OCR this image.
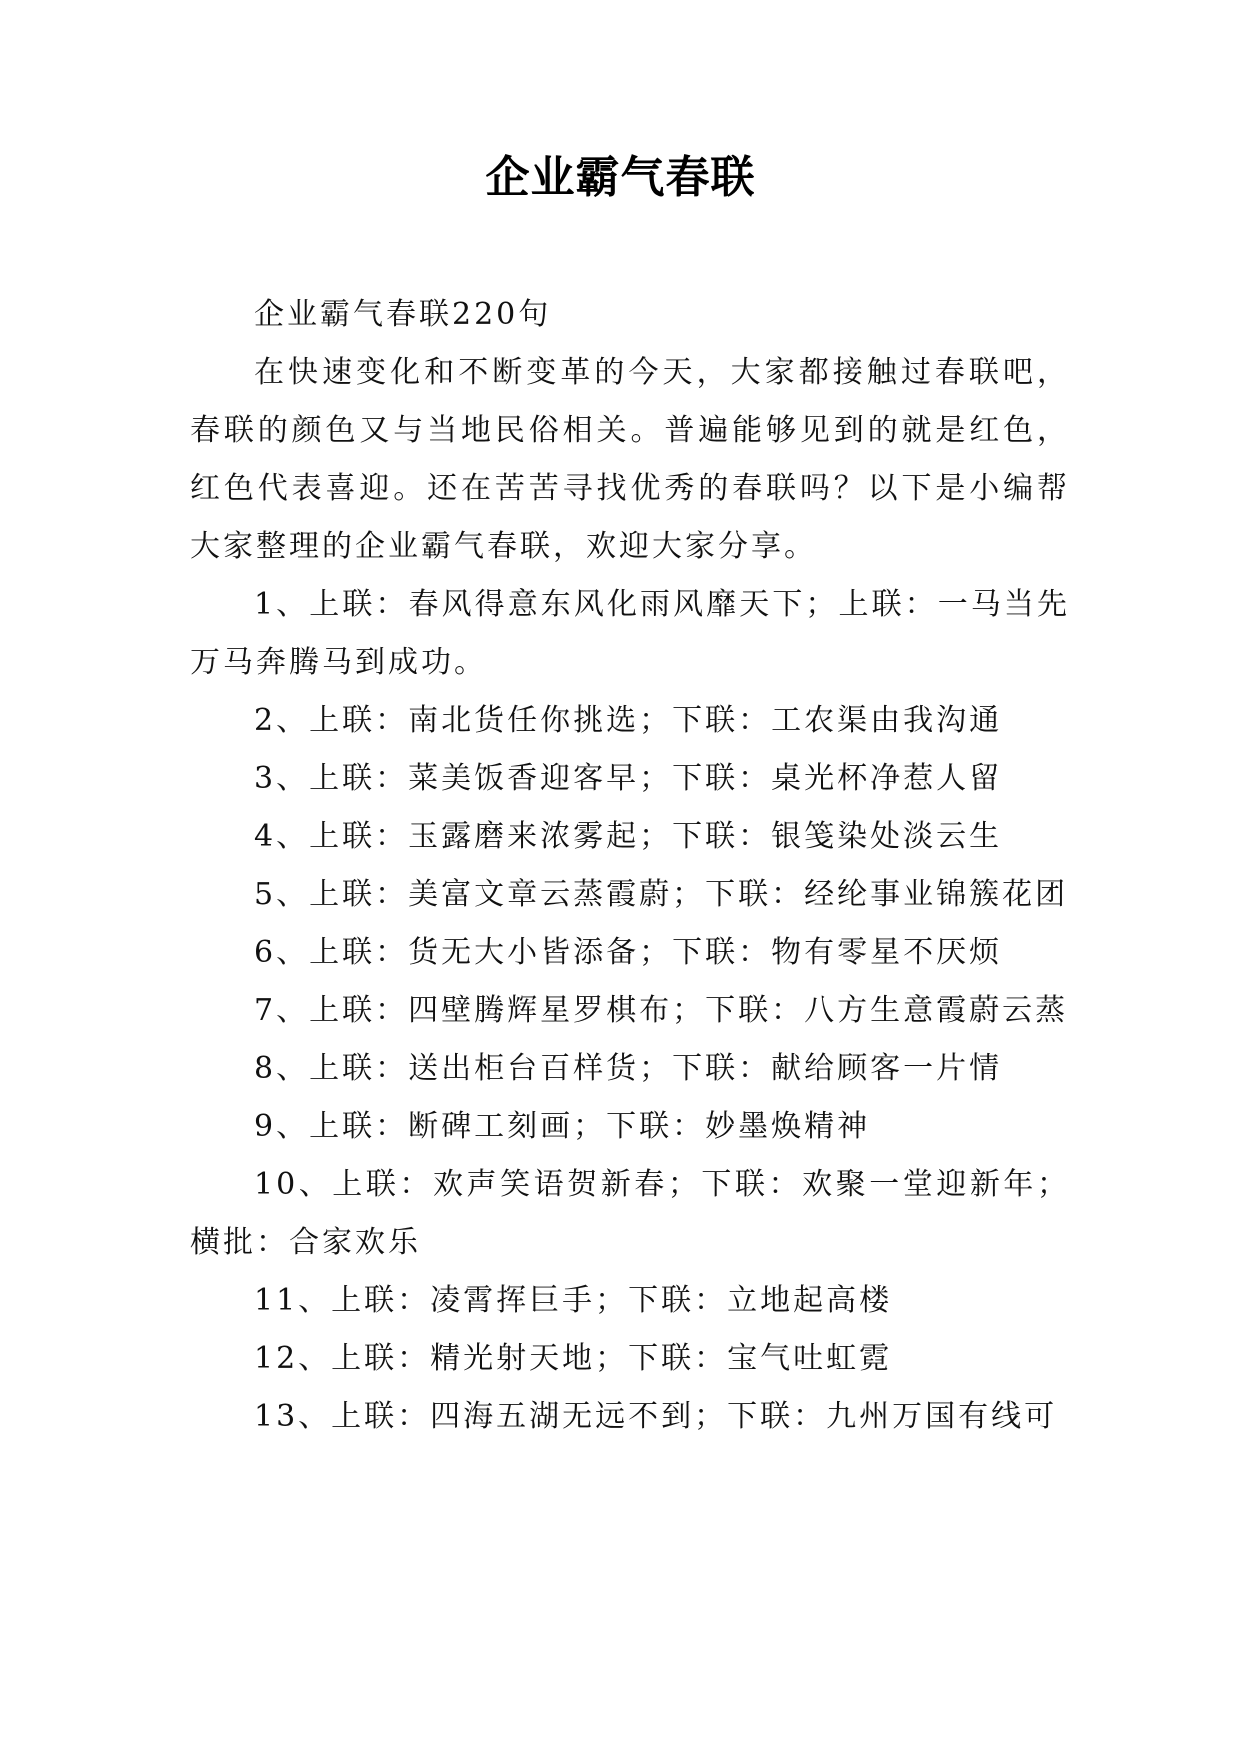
企业霸气春联

企业霸气春联220句

在快速变化和不断变革的今天，大家都接触过春联吧，春联的颜色又与当地民俗相关。普遍能够见到的就是红色，红色代表喜迎。还在苦苦寻找优秀的春联吗？以下是小编帮大家整理的企业霸气春联，欢迎大家分享。

1、上联：春风得意东风化雨风靡天下；上联：一马当先万马奔腾马到成功。

2、上联：南北货任你挑选；下联：工农渠由我沟通

3、上联：菜美饭香迎客早；下联：桌光杯净惹人留

4、上联：玉露磨来浓雾起；下联：银笺染处淡云生

5、上联：美富文章云蒸霞蔚；下联：经纶事业锦簇花团

6、上联：货无大小皆添备；下联：物有零星不厌烦

7、上联：四壁腾辉星罗棋布；下联：八方生意霞蔚云蒸

8、上联：送出柜台百样货；下联：献给顾客一片情

9、上联：断碑工刻画；下联：妙墨焕精神

10、上联：欢声笑语贺新春；下联：欢聚一堂迎新年；横批：合家欢乐

11、上联：凌霄挥巨手；下联：立地起高楼

12、上联：精光射天地；下联：宝气吐虹霓

13、上联：四海五湖无远不到；下联：九州万国有线可
